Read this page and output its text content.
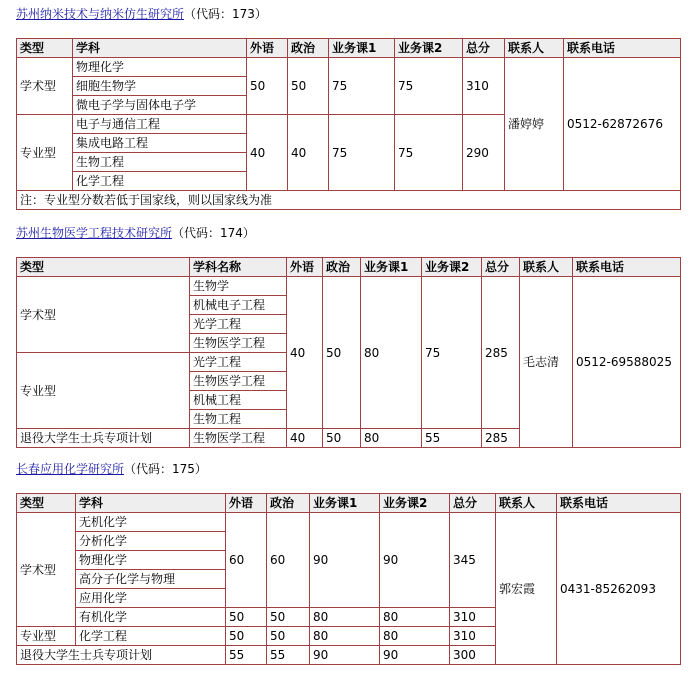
苏州纳米技术与纳米仿生研究所（代码：173）
类型	学科	外语	政治	业务课1	业务课2	总分	联系人	联系电话
学术型	物理化学	50	50	75	75	310	潘婷婷	0512-62872676
	细胞生物学							
	微电子学与固体电子学							
专业型	电子与通信工程	40	40	75	75	290		
	集成电路工程							
	生物工程							
	化学工程							
注：专业型分数若低于国家线，则以国家线为准								
苏州生物医学工程技术研究所（代码：174）
类型	学科名称	外语	政治	业务课1	业务课2	总分	联系人	联系电话
学术型	生物学	40	50	80	75	285	毛志清	0512-69588025
	机械电子工程							
	光学工程							
	生物医学工程							
专业型	光学工程							
	生物医学工程							
	机械工程							
	生物工程							
退役大学生士兵专项计划	生物医学工程	40	50	80	55	285		
长春应用化学研究所（代码：175）
类型	学科	外语	政治	业务课1	业务课2	总分	联系人	联系电话
学术型	无机化学	60	60	90	90	345	郭宏霞	0431-85262093
	分析化学							
	物理化学							
	高分子化学与物理							
	应用化学							
	有机化学	50	50	80	80	310		
专业型	化学工程	50	50	80	80	310		
退役大学生士兵专项计划		55	55	90	90	300		
